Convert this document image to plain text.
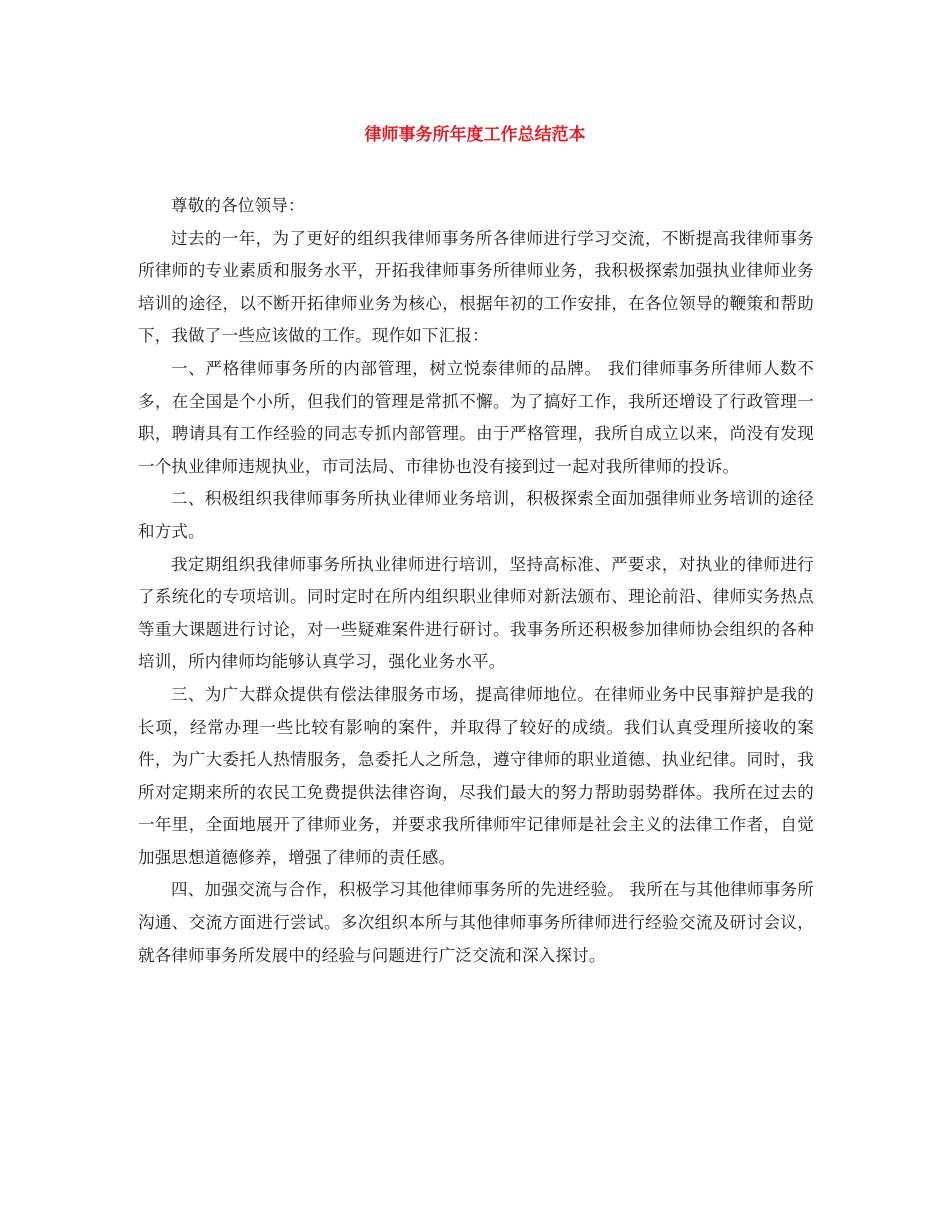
律师事务所年度工作总结范本

尊敬的各位领导：

过去的一年，为了更好的组织我律师事务所各律师进行学习交流，不断提高我律师事务所律师的专业素质和服务水平，开拓我律师事务所律师业务，我积极探索加强执业律师业务培训的途径，以不断开拓律师业务为核心，根据年初的工作安排，在各位领导的鞭策和帮助下，我做了一些应该做的工作。现作如下汇报：

一、严格律师事务所的内部管理，树立悦泰律师的品牌。 我们律师事务所律师人数不多，在全国是个小所，但我们的管理是常抓不懈。为了搞好工作，我所还增设了行政管理一职，聘请具有工作经验的同志专抓内部管理。由于严格管理，我所自成立以来，尚没有发现一个执业律师违规执业，市司法局、市律协也没有接到过一起对我所律师的投诉。

二、积极组织我律师事务所执业律师业务培训，积极探索全面加强律师业务培训的途径和方式。

我定期组织我律师事务所执业律师进行培训，坚持高标准、严要求，对执业的律师进行了系统化的专项培训。同时定时在所内组织职业律师对新法颁布、理论前沿、律师实务热点等重大课题进行讨论，对一些疑难案件进行研讨。我事务所还积极参加律师协会组织的各种培训，所内律师均能够认真学习，强化业务水平。

三、为广大群众提供有偿法律服务市场，提高律师地位。在律师业务中民事辩护是我的长项，经常办理一些比较有影响的案件，并取得了较好的成绩。我们认真受理所接收的案件，为广大委托人热情服务，急委托人之所急，遵守律师的职业道德、执业纪律。同时，我所对定期来所的农民工免费提供法律咨询，尽我们最大的努力帮助弱势群体。我所在过去的一年里，全面地展开了律师业务，并要求我所律师牢记律师是社会主义的法律工作者，自觉加强思想道德修养，增强了律师的责任感。

四、加强交流与合作，积极学习其他律师事务所的先进经验。 我所在与其他律师事务所沟通、交流方面进行尝试。多次组织本所与其他律师事务所律师进行经验交流及研讨会议，就各律师事务所发展中的经验与问题进行广泛交流和深入探讨。
